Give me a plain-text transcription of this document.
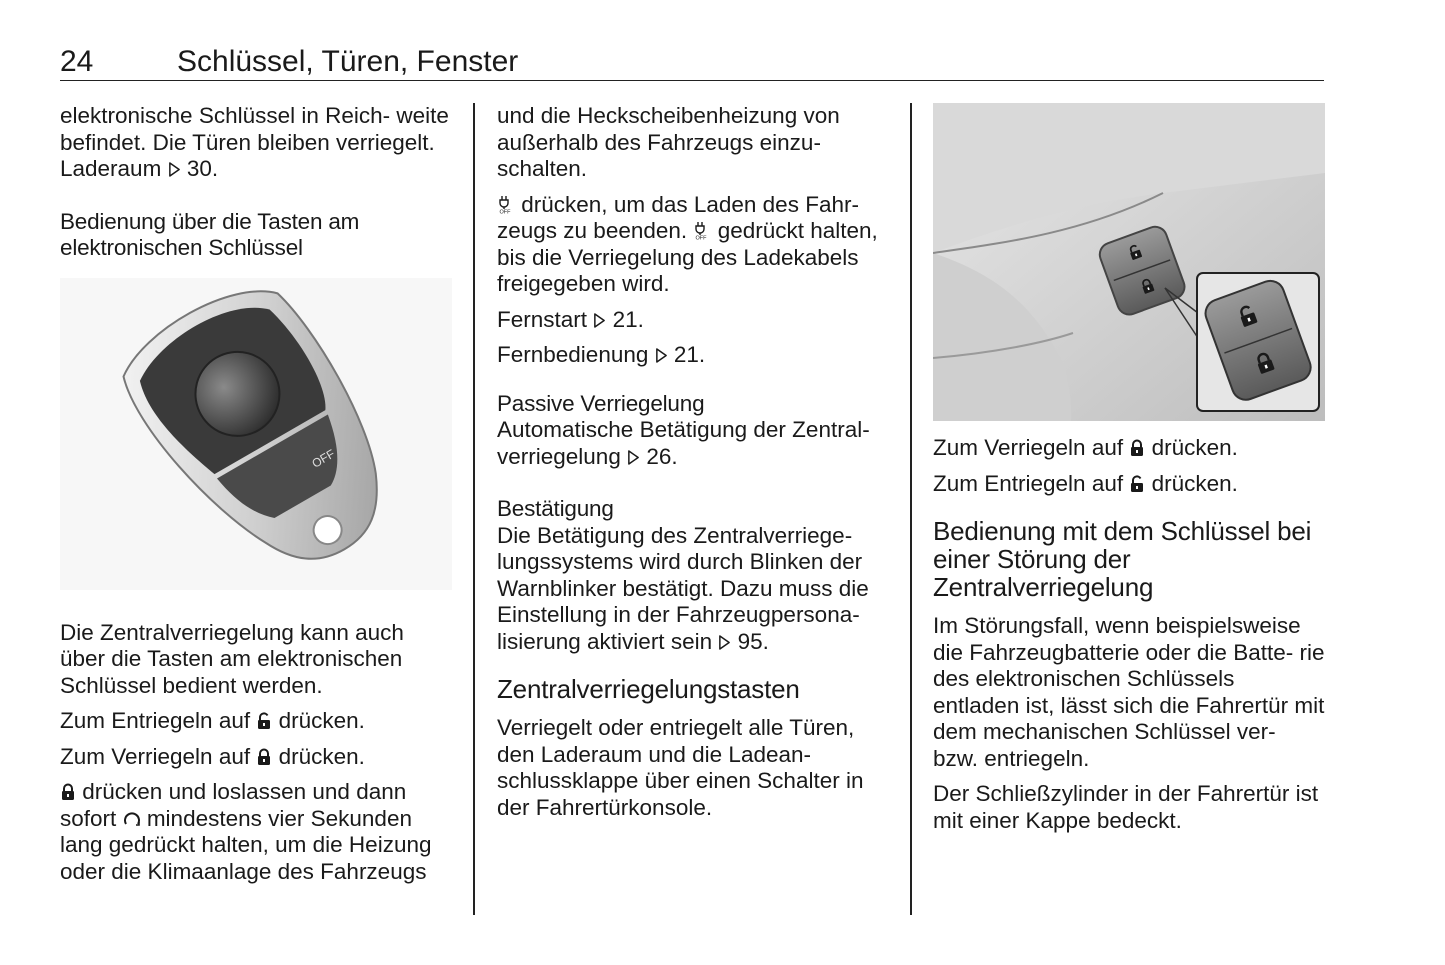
24	Schlüssel, Türen, Fenster

elektronische Schlüssel in Reich- weite befindet. Die Türen bleiben verriegelt. Laderaum 30.

Bedienung über die Tasten am elektronischen Schlüssel
OFF

Die Zentralverriegelung kann auch über die Tasten am elektronischen Schlüssel bedient werden.

Zum Entriegeln auf drücken.

Zum Verriegeln auf drücken.

drücken und loslassen und dann sofort mindestens vier Sekunden lang gedrückt halten, um die Heizung oder die Klimaanlage des Fahrzeugs

und die Heckscheibenheizung von außerhalb des Fahrzeugs einzu- schalten.

drücken, um das Laden des Fahr- zeugs zu beenden. gedrückt halten, bis die Verriegelung des Ladekabels freigegeben wird.

Fernstart 21.

Fernbedienung 21.

Passive Verriegelung

Automatische Betätigung der Zentral- verriegelung 26.

Bestätigung

Die Betätigung des Zentralverriege- lungssystems wird durch Blinken der Warnblinker bestätigt. Dazu muss die Einstellung in der Fahrzeugpersona- lisierung aktiviert sein 95.

Zentralverriegelungstasten

Verriegelt oder entriegelt alle Türen, den Laderaum und die Ladean- schlussklappe über einen Schalter in der Fahrertürkonsole.

Zum Verriegeln auf drücken.

Zum Entriegeln auf drücken.

Bedienung mit dem Schlüssel bei einer Störung der Zentralverriegelung

Im Störungsfall, wenn beispielsweise die Fahrzeugbatterie oder die Batte- rie des elektronischen Schlüssels entladen ist, lässt sich die Fahrertür mit dem mechanischen Schlüssel ver- bzw. entriegeln.

Der Schließzylinder in der Fahrertür ist mit einer Kappe bedeckt.
